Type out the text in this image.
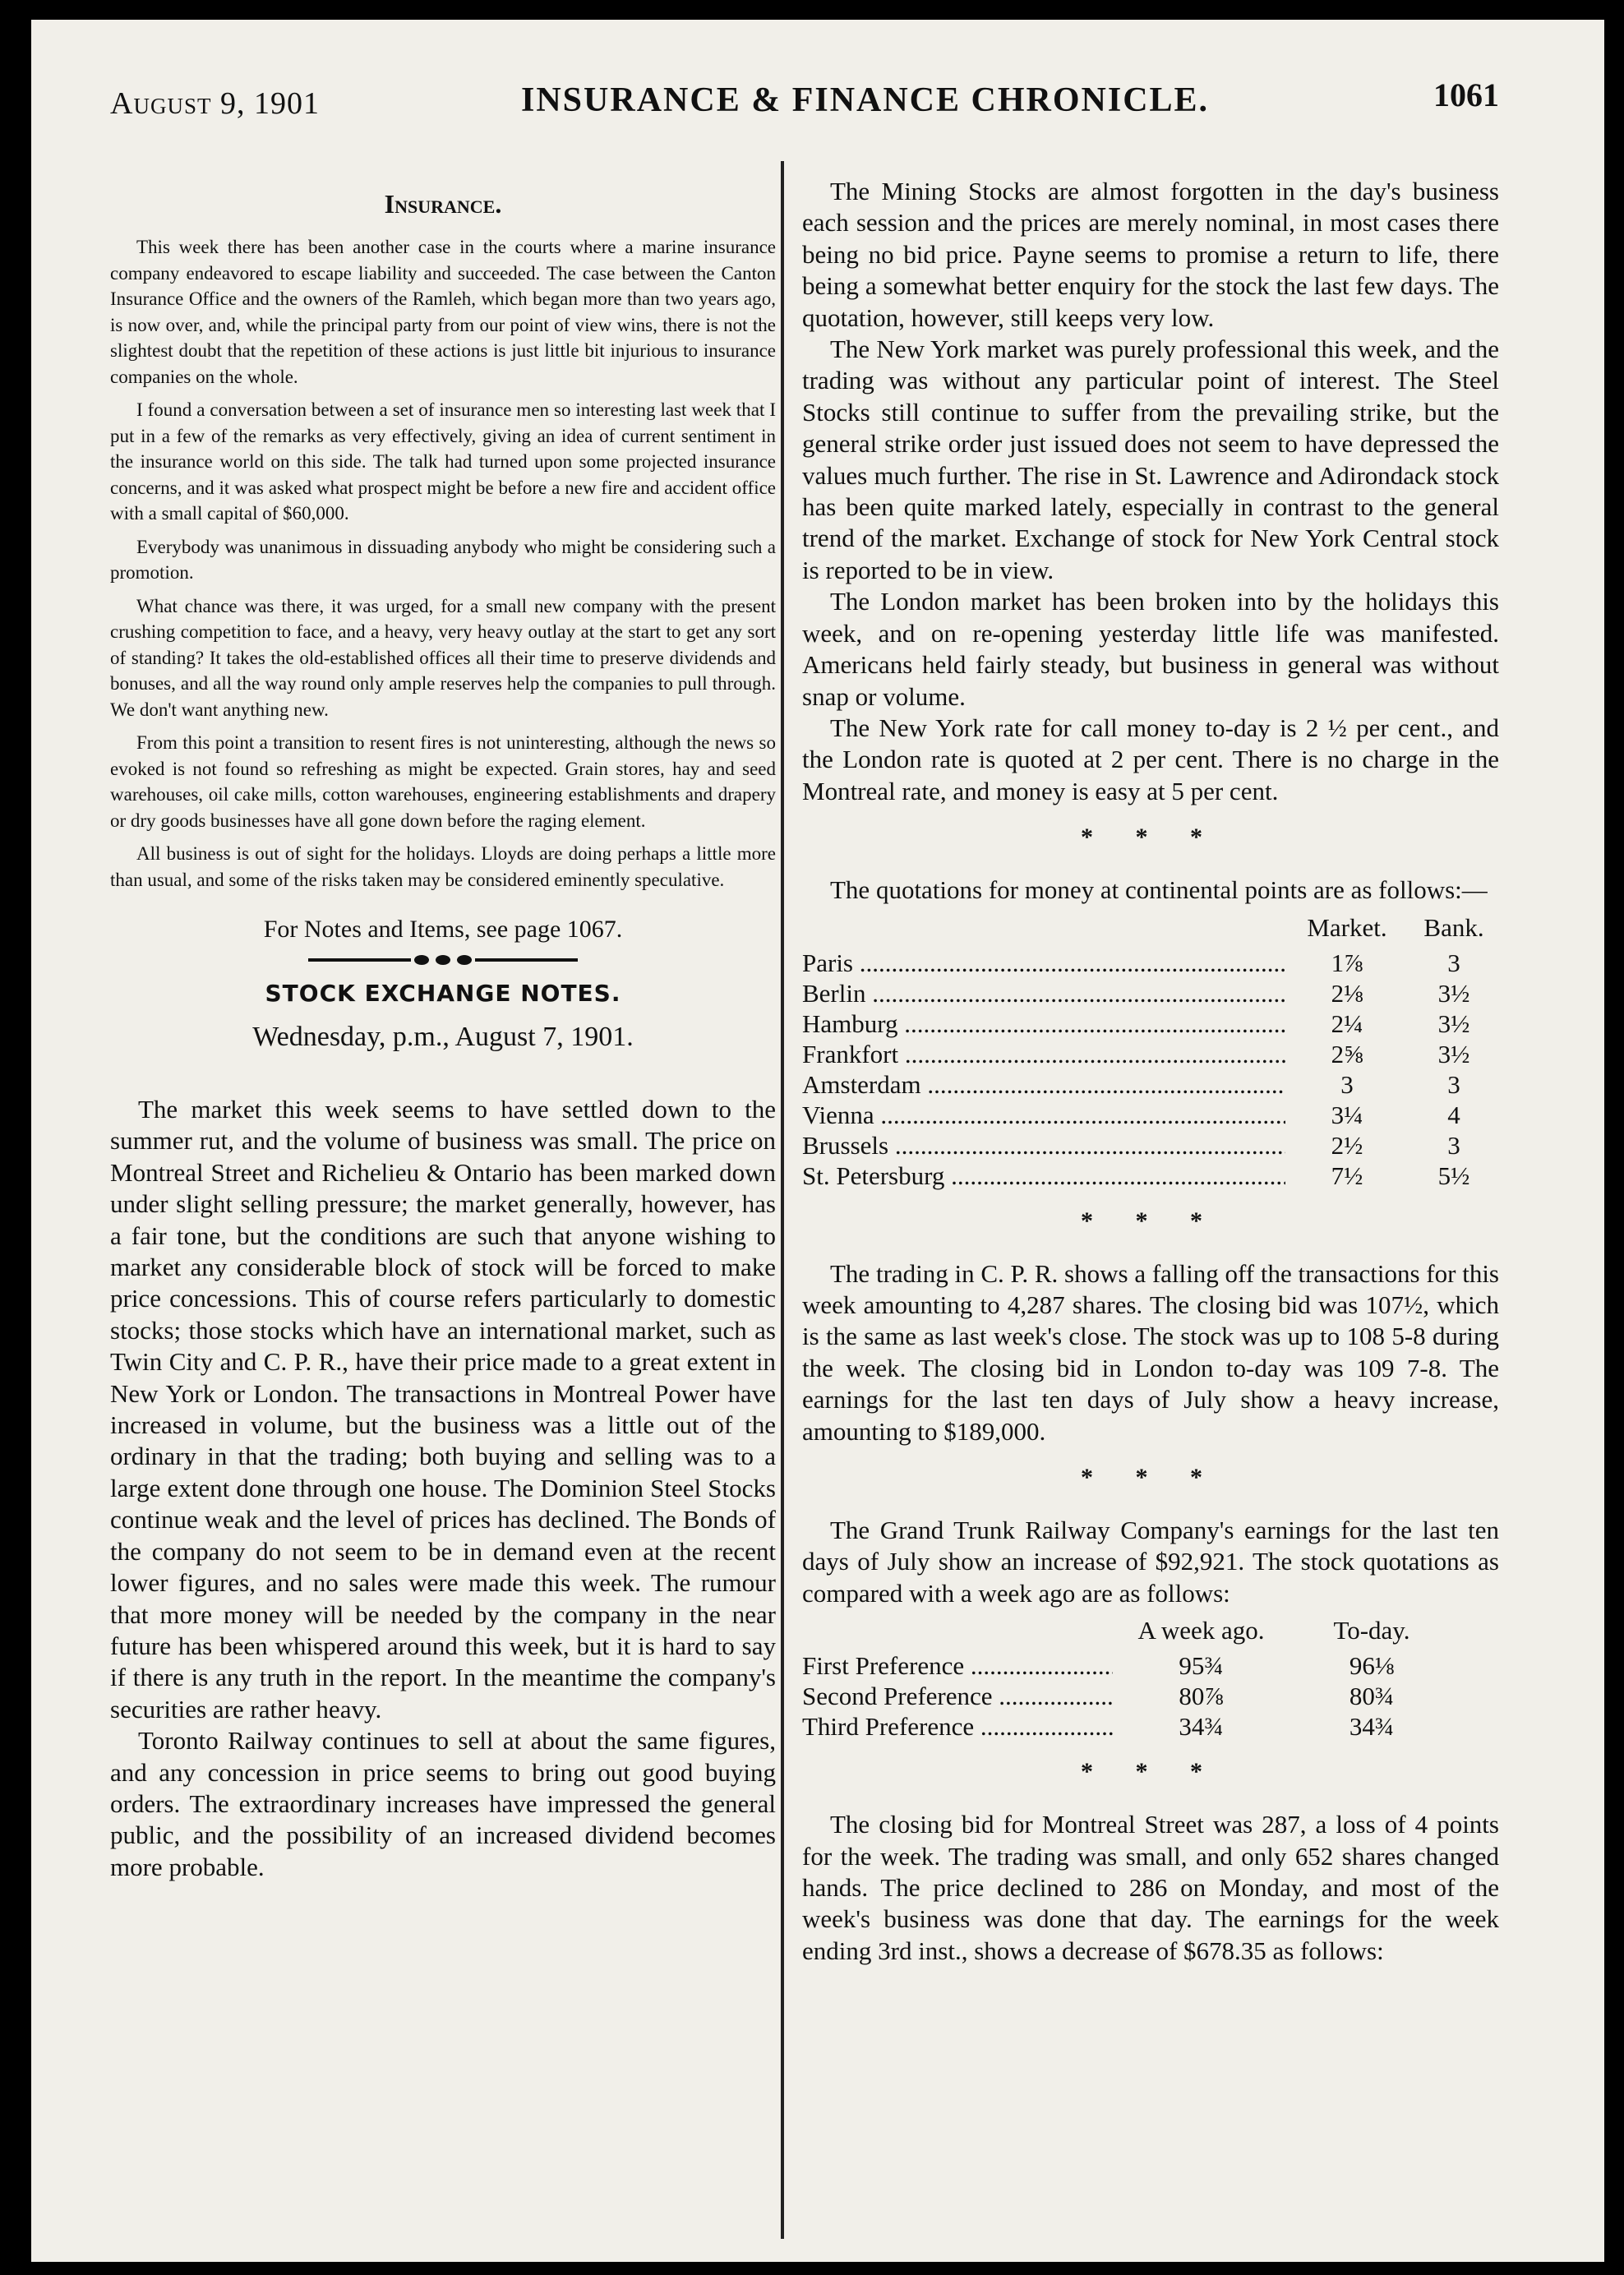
August 9, 1901	INSURANCE & FINANCE CHRONICLE.	1061
Insurance.

This week there has been another case in the courts where a marine insurance company endeavored to escape liability and succeeded. The case between the Canton Insurance Office and the owners of the Ramleh, which began more than two years ago, is now over, and, while the principal party from our point of view wins, there is not the slightest doubt that the repetition of these actions is just little bit injurious to insurance companies on the whole.

I found a conversation between a set of insurance men so interesting last week that I put in a few of the remarks as very effectively, giving an idea of current sentiment in the insurance world on this side. The talk had turned upon some projected insurance concerns, and it was asked what prospect might be before a new fire and accident office with a small capital of $60,000.

Everybody was unanimous in dissuading anybody who might be considering such a promotion.

What chance was there, it was urged, for a small new company with the present crushing competition to face, and a heavy, very heavy outlay at the start to get any sort of standing? It takes the old-established offices all their time to preserve dividends and bonuses, and all the way round only ample reserves help the companies to pull through. We don't want anything new.

From this point a transition to resent fires is not uninteresting, although the news so evoked is not found so refreshing as might be expected. Grain stores, hay and seed warehouses, oil cake mills, cotton warehouses, engineering establishments and drapery or dry goods businesses have all gone down before the raging element.

All business is out of sight for the holidays. Lloyds are doing perhaps a little more than usual, and some of the risks taken may be considered eminently speculative.

For Notes and Items, see page 1067.
STOCK EXCHANGE NOTES.
Wednesday, p.m., August 7, 1901.

The market this week seems to have settled down to the summer rut, and the volume of business was small. The price on Montreal Street and Richelieu & Ontario has been marked down under slight selling pressure; the market generally, however, has a fair tone, but the conditions are such that anyone wishing to market any considerable block of stock will be forced to make price concessions. This of course refers particularly to domestic stocks; those stocks which have an international market, such as Twin City and C. P. R., have their price made to a great extent in New York or London. The transactions in Montreal Power have increased in volume, but the business was a little out of the ordinary in that the trading; both buying and selling was to a large extent done through one house. The Dominion Steel Stocks continue weak and the level of prices has declined. The Bonds of the company do not seem to be in demand even at the recent lower figures, and no sales were made this week. The rumour that more money will be needed by the company in the near future has been whispered around this week, but it is hard to say if there is any truth in the report. In the meantime the company's securities are rather heavy.

Toronto Railway continues to sell at about the same figures, and any concession in price seems to bring out good buying orders. The extraordinary increases have impressed the general public, and the possibility of an increased dividend becomes more probable.

The Mining Stocks are almost forgotten in the day's business each session and the prices are merely nominal, in most cases there being no bid price. Payne seems to promise a return to life, there being a somewhat better enquiry for the stock the last few days. The quotation, however, still keeps very low.

The New York market was purely professional this week, and the trading was without any particular point of interest. The Steel Stocks still continue to suffer from the prevailing strike, but the general strike order just issued does not seem to have depressed the values much further. The rise in St. Lawrence and Adirondack stock has been quite marked lately, especially in contrast to the general trend of the market. Exchange of stock for New York Central stock is reported to be in view.

The London market has been broken into by the holidays this week, and on re-opening yesterday little life was manifested. Americans held fairly steady, but business in general was without snap or volume.

The New York rate for call money to-day is 2 ½ per cent., and the London rate is quoted at 2 per cent. There is no charge in the Montreal rate, and money is easy at 5 per cent.

* * *

The quotations for money at continental points are as follows:—

Market.	Bank.
Paris .....	1⅞	3
Berlin .....	2⅛	3½
Hamburg .....	2¼	3½
Frankfort .....	2⅝	3½
Amsterdam .....	3	3
Vienna .....	3¼	4
Brussels .....	2½	3
St. Petersburg .....	7½	5½
* * *

The trading in C. P. R. shows a falling off the transactions for this week amounting to 4,287 shares. The closing bid was 107½, which is the same as last week's close. The stock was up to 108 5-8 during the week. The closing bid in London to-day was 109 7-8. The earnings for the last ten days of July show a heavy increase, amounting to $189,000.

* * *

The Grand Trunk Railway Company's earnings for the last ten days of July show an increase of $92,921. The stock quotations as compared with a week ago are as follows:

A week ago.	To-day.
First Preference .....	95¾	96⅛
Second Preference .....	80⅞	80¾
Third Preference .....	34¾	34¾
* * *

The closing bid for Montreal Street was 287, a loss of 4 points for the week. The trading was small, and only 652 shares changed hands. The price declined to 286 on Monday, and most of the week's business was done that day. The earnings for the week ending 3rd inst., shows a decrease of $678.35 as follows:
